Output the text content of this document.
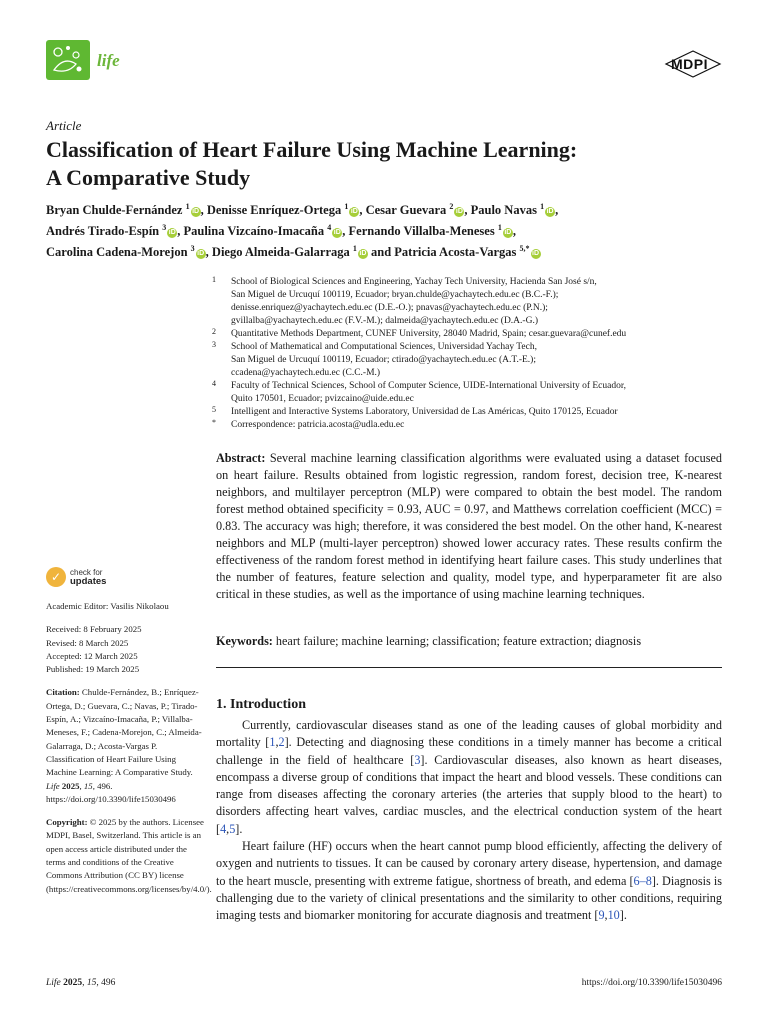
life	MDPI
Article
Classification of Heart Failure Using Machine Learning:
A Comparative Study
Bryan Chulde-Fernández $^1$iD , Denisse Enríquez-Ortega $^1$iD , Cesar Guevara $^2$iD , Paulo Navas $^1$iD ,
Andrés Tirado-Espín $^3$iD , Paulina Vizcaíno-Imacaña $^4$iD , Fernando Villalba-Meneses $^1$iD ,
Carolina Cadena-Morejon $^3$iD , Diego Almeida-Galarraga $^1$iD and Patricia Acosta-Vargas $^{5,*}$iD
1 School of Biological Sciences and Engineering, Yachay Tech University, Hacienda San José s/n,
San Miguel de Urcuquí 100119, Ecuador; bryan.chulde@yachaytech.edu.ec (B.C.-F.);
denisse.enriquez@yachaytech.edu.ec (D.E.-O.); pnavas@yachaytech.edu.ec (P.N.);
gvillalba@yachaytech.edu.ec (F.V.-M.); dalmeida@yachaytech.edu.ec (D.A.-G.)
2 Quantitative Methods Department, CUNEF University, 28040 Madrid, Spain; cesar.guevara@cunef.edu
3 School of Mathematical and Computational Sciences, Universidad Yachay Tech,
San Miguel de Urcuquí 100119, Ecuador; ctirado@yachaytech.edu.ec (A.T.-E.);
ccadena@yachaytech.edu.ec (C.C.-M.)
4 Faculty of Technical Sciences, School of Computer Science, UIDE-International University of Ecuador,
Quito 170501, Ecuador; pvizcaino@uide.edu.ec
5 Intelligent and Interactive Systems Laboratory, Universidad de Las Américas, Quito 170125, Ecuador
* Correspondence: patricia.acosta@udla.edu.ec
Abstract: Several machine learning classification algorithms were evaluated using a dataset focused on heart failure. Results obtained from logistic regression, random forest, decision tree, K-nearest neighbors, and multilayer perceptron (MLP) were compared to obtain the best model. The random forest method obtained specificity = 0.93, AUC = 0.97, and Matthews correlation coefficient (MCC) = 0.83. The accuracy was high; therefore, it was considered the best model. On the other hand, K-nearest neighbors and MLP (multi-layer perceptron) showed lower accuracy rates. These results confirm the effectiveness of the random forest method in identifying heart failure cases. This study underlines that the number of features, feature selection and quality, model type, and hyperparameter fit are also critical in these studies, as well as the importance of using machine learning techniques.
Keywords: heart failure; machine learning; classification; feature extraction; diagnosis
1. Introduction

Currently, cardiovascular diseases stand as one of the leading causes of global morbidity and mortality [1,2]. Detecting and diagnosing these conditions in a timely manner has become a critical challenge in the field of healthcare [3]. Cardiovascular diseases, also known as heart diseases, encompass a diverse group of conditions that impact the heart and blood vessels. These conditions can range from diseases affecting the coronary arteries (the arteries that supply blood to the heart) to disorders affecting heart valves, cardiac muscles, and the electrical conduction system of the heart [4,5].

Heart failure (HF) occurs when the heart cannot pump blood efficiently, affecting the delivery of oxygen and nutrients to tissues. It can be caused by coronary artery disease, hypertension, and damage to the heart muscle, presenting with extreme fatigue, shortness of breath, and edema [6–8]. Diagnosis is challenging due to the variety of clinical presentations and the similarity to other conditions, requiring imaging tests and biomarker monitoring for accurate diagnosis and treatment [9,10].

✓ check for
updates
Academic Editor: Vasilis Nikolaou
Received: 8 February 2025
Revised: 8 March 2025
Accepted: 12 March 2025
Published: 19 March 2025
Citation: Chulde-Fernández, B.; Enríquez-Ortega, D.; Guevara, C.; Navas, P.; Tirado-Espín, A.; Vizcaíno-Imacaña, P.; Villalba-Meneses, F.; Cadena-Morejon, C.; Almeida-Galarraga, D.; Acosta-Vargas P. Classification of Heart Failure Using Machine Learning: A Comparative Study. Life 2025, 15, 496. https://doi.org/10.3390/life15030496
Copyright: © 2025 by the authors. Licensee MDPI, Basel, Switzerland. This article is an open access article distributed under the terms and conditions of the Creative Commons Attribution (CC BY) license (https://creativecommons.org/licenses/by/4.0/).
Life 2025, 15, 496	https://doi.org/10.3390/life15030496
